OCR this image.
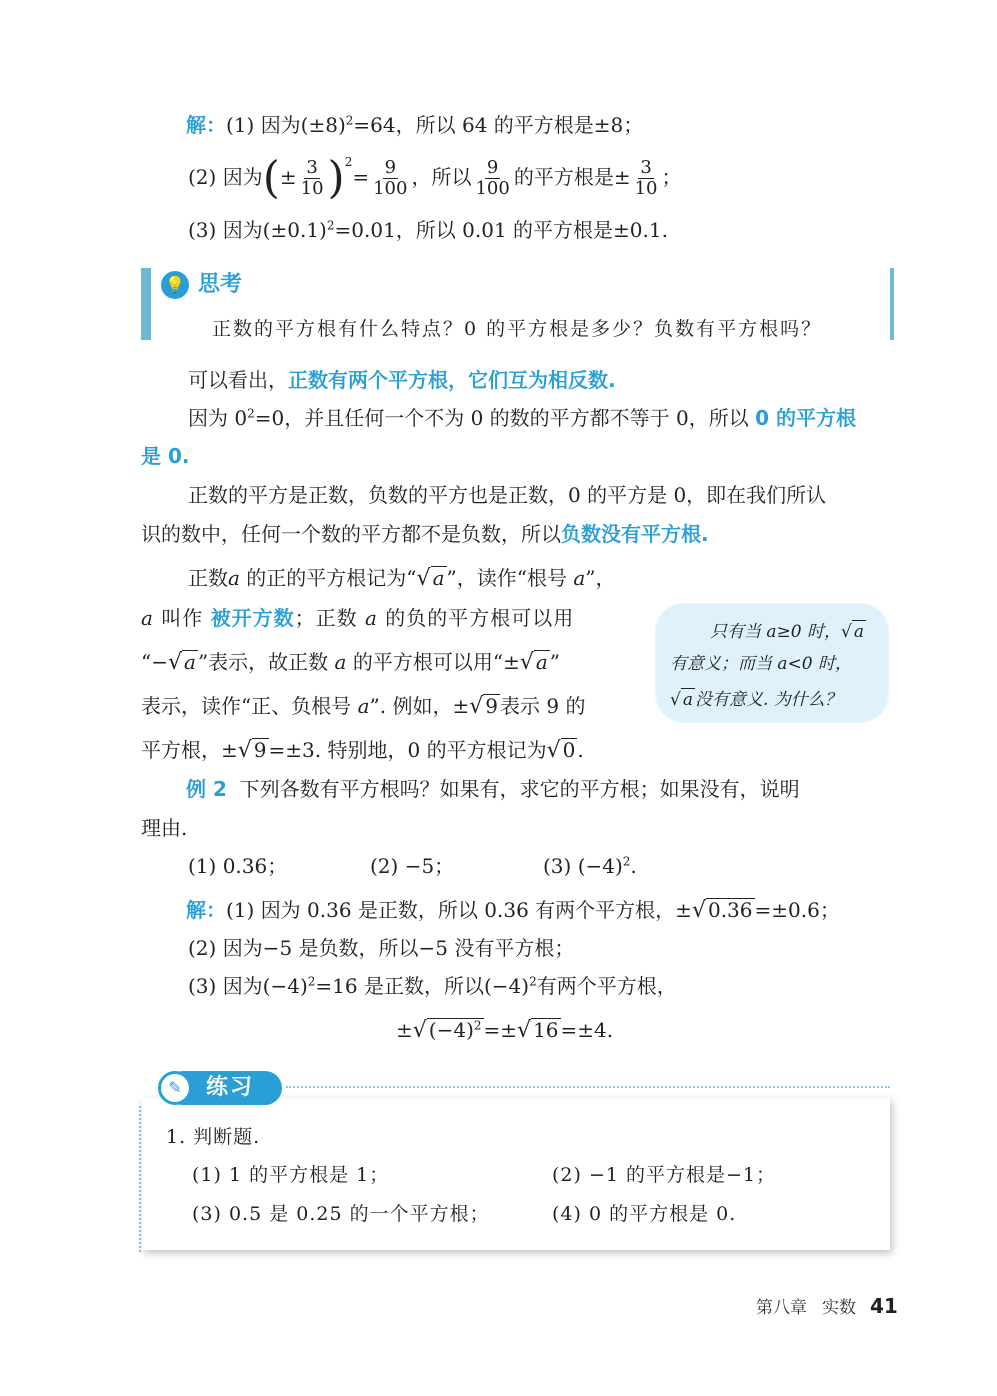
解：(1) 因为$(\pm 8)^2=64$，所以 64 的平方根是±8；
(2) 因为(± $\frac{3}{10} )^2= \frac{9}{100}$ ，所以 $\frac{9}{100}$ 的平方根是± $\frac{3}{10}$ ；
(3) 因为$(\pm 0.1)^2=0.01$，所以 0.01 的平方根是±0.1.
💡 思考
正数的平方根有什么特点？0 的平方根是多少？负数有平方根吗？
可以看出，正数有两个平方根，它们互为相反数.
因为 $0^2=0$，并且任何一个不为 0 的数的平方都不等于 0，所以 0 的平方根
是 0.
正数的平方是正数，负数的平方也是正数，0 的平方是 0，即在我们所认
识的数中，任何一个数的平方都不是负数，所以负数没有平方根.
正数a 的正的平方根记为“√ a ”，读作“根号 a”，
a 叫作 被开方数；正数 a 的负的平方根可以用
“−√ a ”表示，故正数 a 的平方根可以用“±√ a ”
表示，读作“正、负根号 a”. 例如，±√ 9 表示 9 的
平方根，±√ 9 =±3. 特别地，0 的平方根记为√ 0 .
只有当 a≥0 时，√ a
有意义；而当 a<0 时，
√ a 没有意义. 为什么？
例 2 下列各数有平方根吗？如果有，求它的平方根；如果没有，说明
理由.
(1) 0.36；	(2) −5；	(3) $(-4)^2$.
解：(1) 因为 0.36 是正数，所以 0.36 有两个平方根，±√ 0.36 =±0.6；
(2) 因为−5 是负数，所以−5 没有平方根；
(3) 因为$(-4)^2=16$ 是正数，所以$(-4)^2$有两个平方根，
±√ $(-4)^2$ =±√ 16 =±4.
✎	练习
1. 判断题.
(1) 1 的平方根是 1；	(2) −1 的平方根是−1；
(3) 0.5 是 0.25 的一个平方根；	(4) 0 的平方根是 0.
第八章 实数 41
